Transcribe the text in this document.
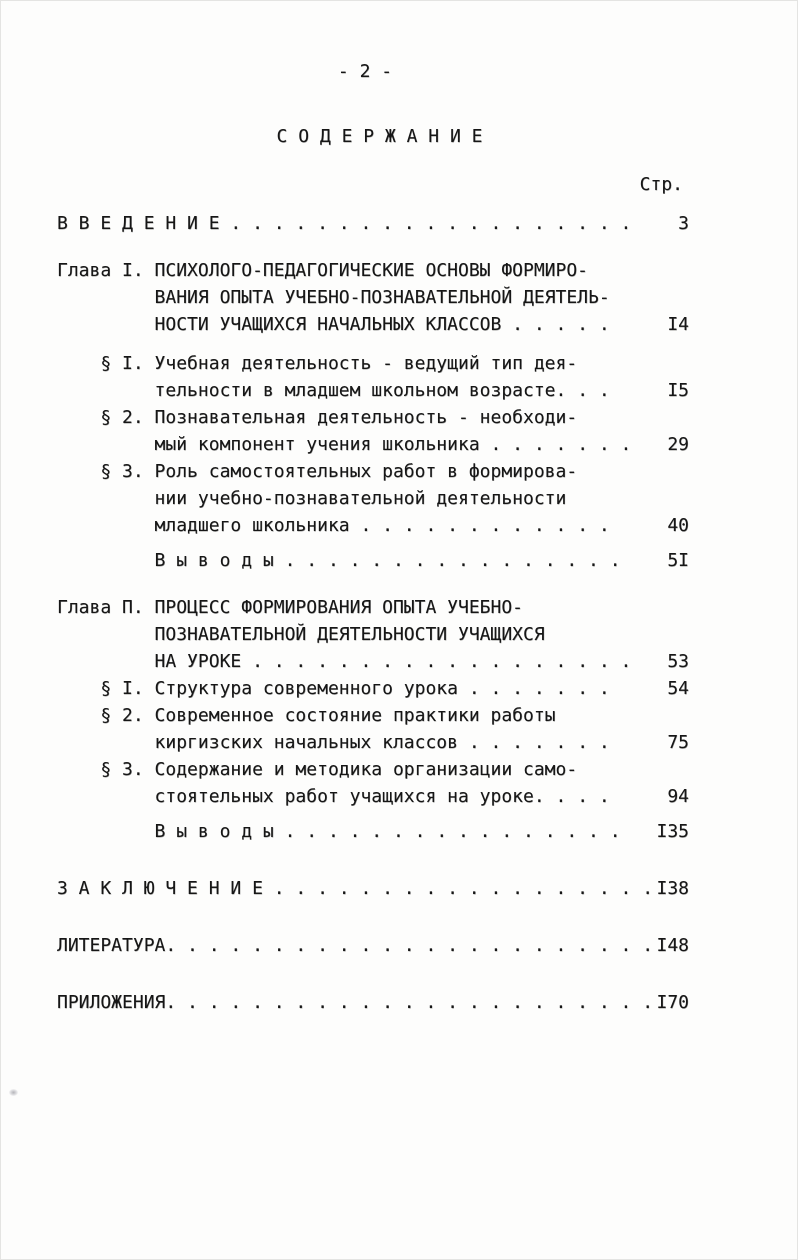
- 2 -
С О Д Е Р Ж А Н И Е
Стр.
В В Е Д Е Н И Е . . . . . . . . . . . . . . . . . . .	3
Глава I. ПСИХОЛОГО-ПЕДАГОГИЧЕСКИЕ ОСНОВЫ ФОРМИРО-
ВАНИЯ ОПЫТА УЧЕБНО-ПОЗНАВАТЕЛЬНОЙ ДЕЯТЕЛЬ-
НОСТИ УЧАЩИХСЯ НАЧАЛЬНЫХ КЛАССОВ . . . . .	I4
§ I. Учебная деятельность - ведущий тип дея-
тельности в младшем школьном возрасте. . .	I5
§ 2. Познавательная деятельность - необходи-
мый компонент учения школьника . . . . . . . 29
§ 3. Роль самостоятельных работ в формирова-
нии учебно-познавательной деятельности
младшего школьника . . . . . . . . . . . .	40
В ы в о д ы . . . . . . . . . . . . . . . .	5I
Глава П. ПРОЦЕСС ФОРМИРОВАНИЯ ОПЫТА УЧЕБНО-
ПОЗНАВАТЕЛЬНОЙ ДЕЯТЕЛЬНОСТИ УЧАЩИХСЯ
НА УРОКЕ . . . . . . . . . . . . . . . . . . 53
§ I. Структура современного урока . . . . . . .	54
§ 2. Современное состояние практики работы
киргизских начальных классов . . . . . . .	75
§ 3. Содержание и методика организации само-
стоятельных работ учащихся на уроке. . . .	94
В ы в о д ы . . . . . . . . . . . . . . . . I35
З А К Л Ю Ч Е Н И Е . . . . . . . . . . . . . . . . . . I38
ЛИТЕРАТУРА. . . . . . . . . . . . . . . . . . . . . . . I48
ПРИЛОЖЕНИЯ. . . . . . . . . . . . . . . . . . . . . . . I70
